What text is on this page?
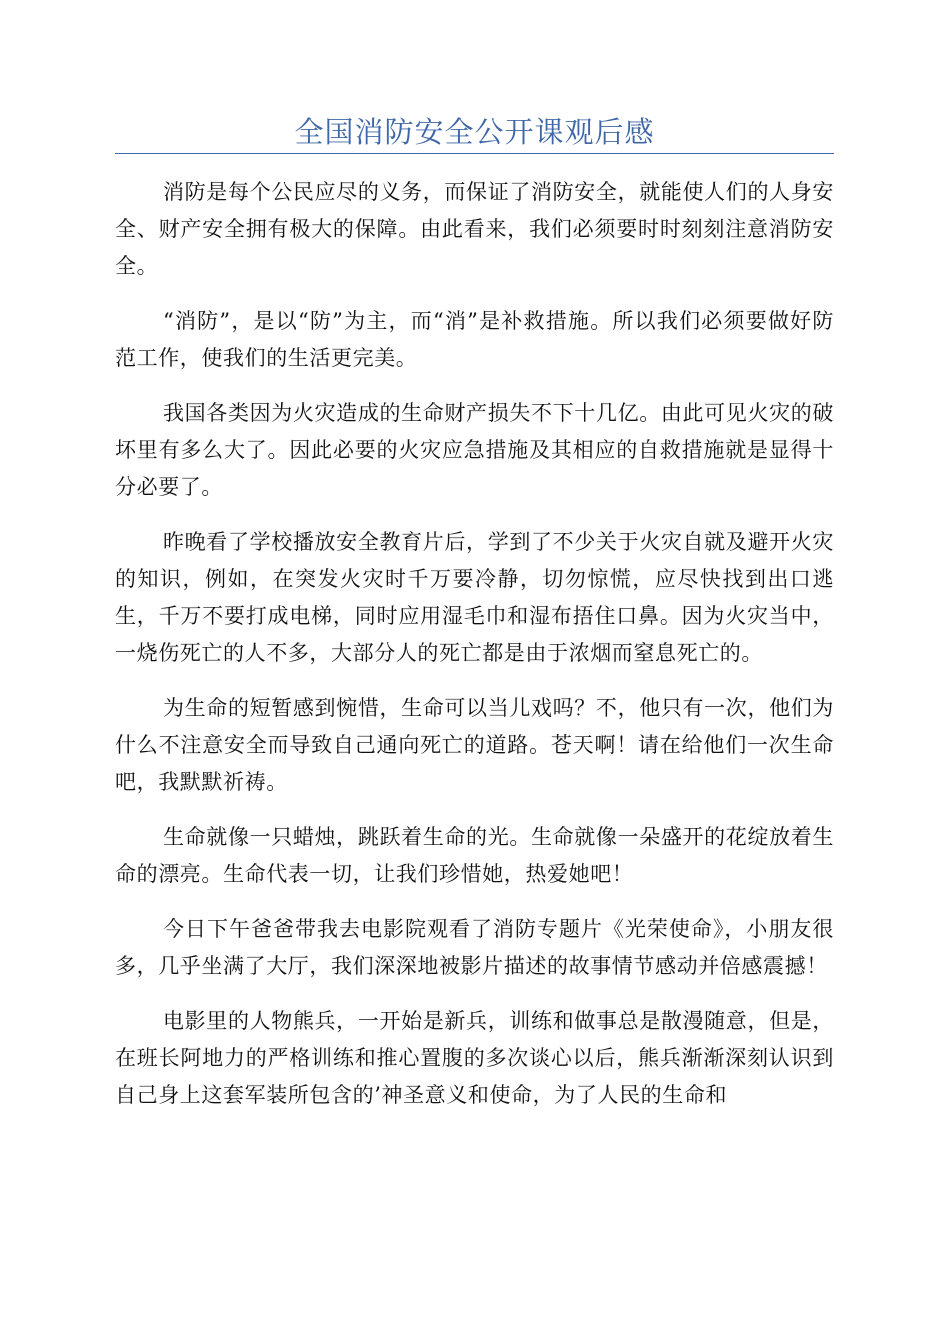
全国消防安全公开课观后感

消防是每个公民应尽的义务，而保证了消防安全，就能使人们的人身安全、财产安全拥有极大的保障。由此看来，我们必须要时时刻刻注意消防安全。

“消防”，是以“防”为主，而“消”是补救措施。所以我们必须要做好防范工作，使我们的生活更完美。

我国各类因为火灾造成的生命财产损失不下十几亿。由此可见火灾的破坏里有多么大了。因此必要的火灾应急措施及其相应的自救措施就是显得十分必要了。

昨晚看了学校播放安全教育片后，学到了不少关于火灾自就及避开火灾的知识，例如，在突发火灾时千万要冷静，切勿惊慌，应尽快找到出口逃生，千万不要打成电梯，同时应用湿毛巾和湿布捂住口鼻。因为火灾当中，一烧伤死亡的人不多，大部分人的死亡都是由于浓烟而窒息死亡的。

为生命的短暂感到惋惜，生命可以当儿戏吗？不，他只有一次，他们为什么不注意安全而导致自己通向死亡的道路。苍天啊！请在给他们一次生命吧，我默默祈祷。

生命就像一只蜡烛，跳跃着生命的光。生命就像一朵盛开的花绽放着生命的漂亮。生命代表一切，让我们珍惜她，热爱她吧！

今日下午爸爸带我去电影院观看了消防专题片《光荣使命》，小朋友很多，几乎坐满了大厅，我们深深地被影片描述的故事情节感动并倍感震撼！

电影里的人物熊兵，一开始是新兵，训练和做事总是散漫随意，但是，在班长阿地力的严格训练和推心置腹的多次谈心以后，熊兵渐渐深刻认识到自己身上这套军装所包含的’神圣意义和使命，为了人民的生命和
